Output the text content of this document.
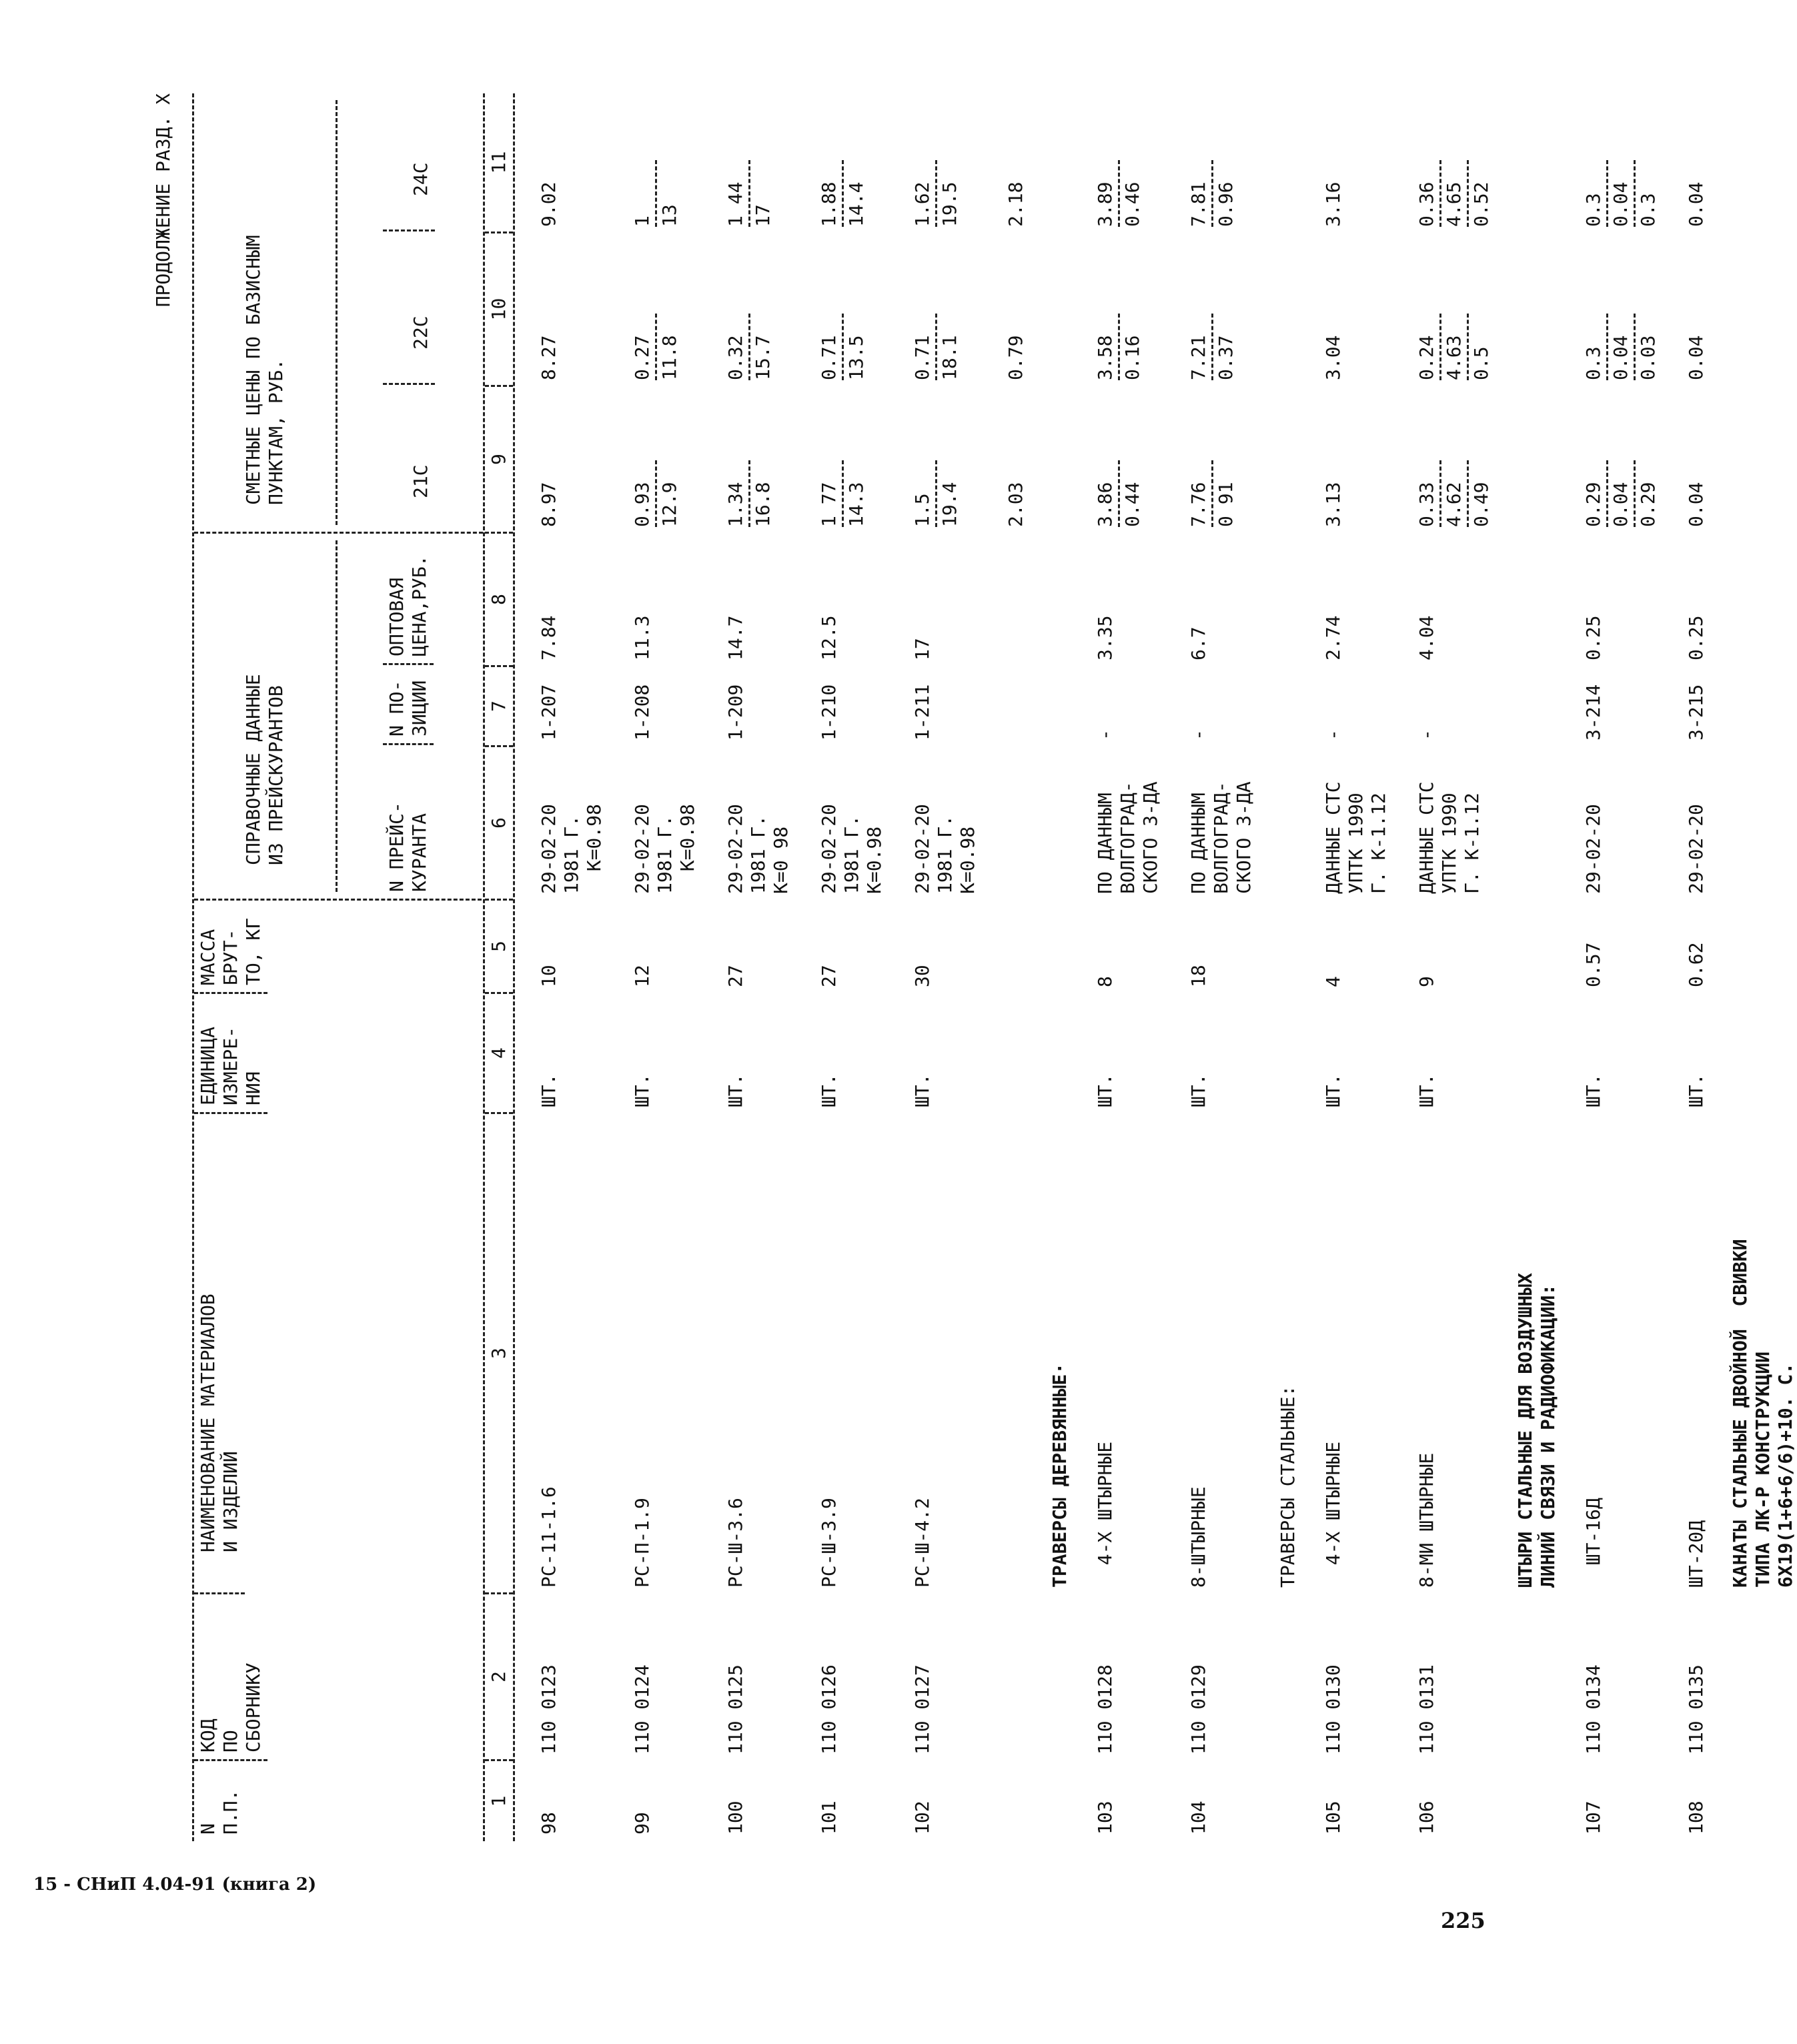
ПРОДОЛЖЕНИЕ РАЗД. X
N
П.П.
КОД
ПО
СБОРНИКУ
НАИМЕНОВАНИЕ МАТЕРИАЛОВ
И ИЗДЕЛИЙ
ЕДИНИЦА
ИЗМЕРЕ-
НИЯ
МАССА
БРУТ-
ТО, КГ

СПРАВОЧНЫЕ ДАННЫЕ
ИЗ ПРЕЙСКУРАНТОВ

N ПРЕЙС-
КУРАНТА
N ПО-
ЗИЦИИ
ОПТОВАЯ
ЦЕНА,РУБ.

СМЕТНЫЕ ЦЕНЫ ПО БАЗИСНЫМ
ПУНКТАМ, РУБ.

21С
22С
24С

1
2
3
4
5
6
7
8
9
10
11
98
110 0123
РС-11-1.6
ШТ.
10
29-02-20
1981 Г.
К=0.98
1-207
7.84
8.97
8.27
9.02
99
110 0124
РС-П-1.9
ШТ.
12
29-02-20
1981 Г.
К=0.98
1-208
11.3
0.93 12.9
0.27 11.8
1 13
100
110 0125
РС-Ш-3.6
ШТ.
27
29-02-20
1981 Г.
К=0 98
1-209
14.7
1.34 16.8
0.32 15.7
1 44 17
101
110 0126
РС-Ш-3.9
ШТ.
27
29-02-20
1981 Г.
К=0.98
1-210
12.5
1 77 14.3
0.71 13.5
1.88 14.4
102
110 0127
РС-Ш-4.2
ШТ.
30
29-02-20
1981 Г.
К=0.98
1-211
17
1.5 19.4
0.71 18.1
1.62 19.5
2.03
0.79
2.18
ТРАВЕРСЫ ДЕРЕВЯННЫЕ·
103
110 0128
4-Х ШТЫРНЫЕ
ШТ.
8
ПО ДАННЫМ
ВОЛГОГРАД-
СКОГО З-ДА
-
3.35
3.86 0.44
3.58 0.16
3.89 0.46
104
110 0129
8-ШТЫРНЫЕ
ШТ.
18
ПО ДАННЫМ
ВОЛГОГРАД-
СКОГО З-ДА
-
6.7
7.76 0 91
7.21 0.37
7.81 0.96
ТРАВЕРСЫ СТАЛЬНЫЕ:
105
110 0130
4-Х ШТЫРНЫЕ
ШТ.
4
ДАННЫЕ СТС
УПТК 1990
Г. К-1.12
-
2.74
3.13
3.04
3.16
106
110 0131
8-МИ ШТЫРНЫЕ
ШТ.
9
ДАННЫЕ СТС
УПТК 1990
Г. К-1.12
-
4.04
0.33 4.62 0.49
0.24 4.63 0.5
0.36 4.65 0.52
ШТЫРИ СТАЛЬНЫЕ ДЛЯ ВОЗДУШНЫХ
ЛИНИЙ СВЯЗИ И РАДИОФИКАЦИИ:
107
110 0134
ШТ-16Д
ШТ.
0.57
29-02-20
3-214
0.25
0.29 0.04 0.29
0.3 0.04 0.03
0.3 0.04 0.3
108
110 0135
ШТ-20Д
ШТ.
0.62
29-02-20
3-215
0.25
0.04
0.04
0.04
КАНАТЫ СТАЛЬНЫЕ ДВОЙНОЙ  СВИВКИ
ТИПА ЛК-Р КОНСТРУКЦИИ
6Х19(1+6+6/6)+10. С.
15 - СНиП 4.04-91 (книга 2)
225
